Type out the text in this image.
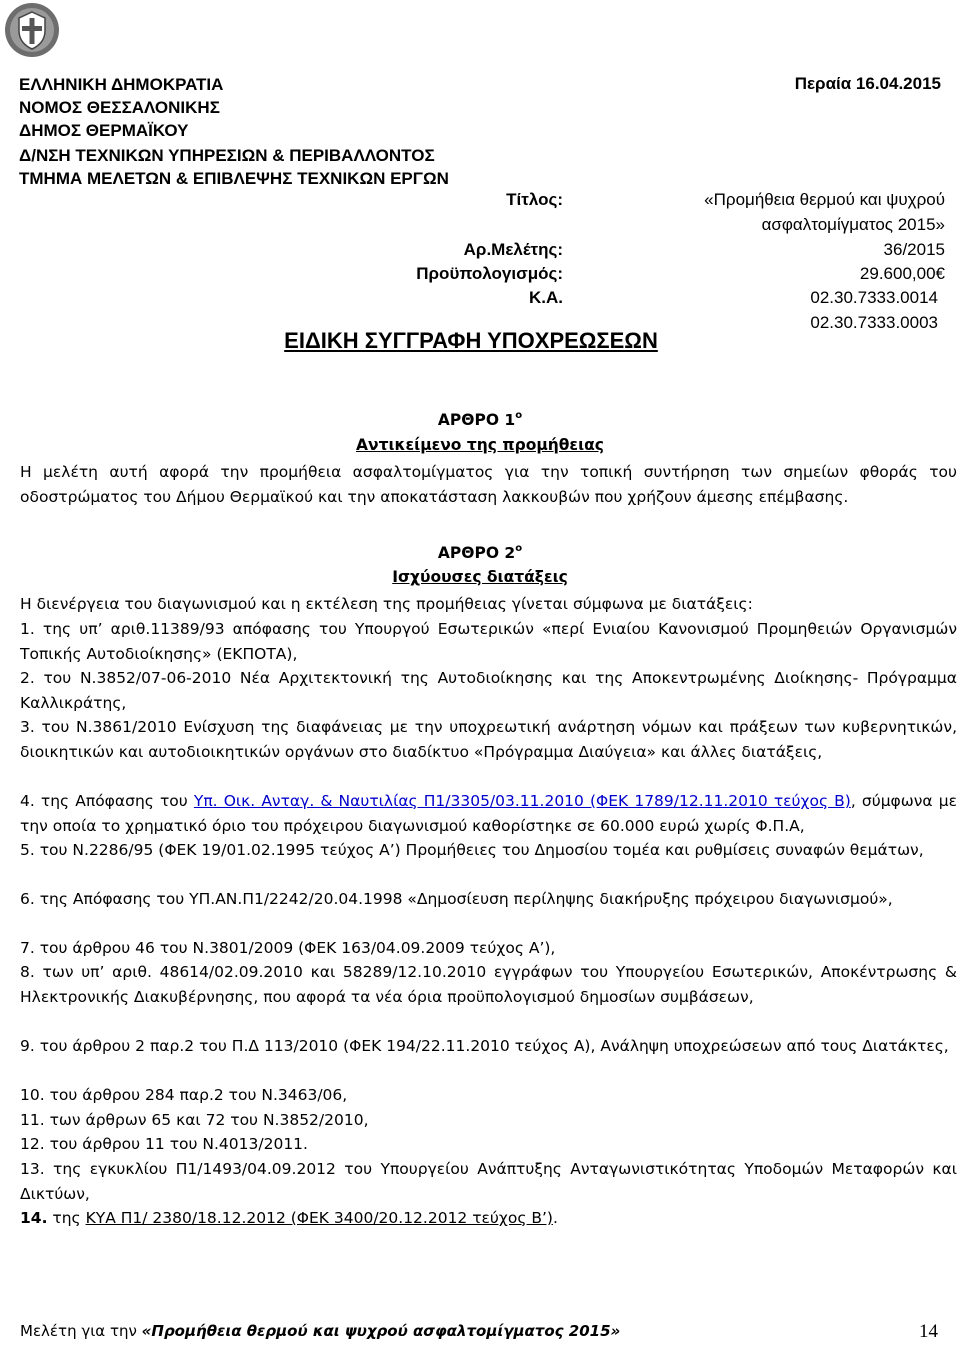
ΕΛΛΗΝΙΚΗ ΔΗΜΟΚΡΑΤΙΑ
ΝΟΜΟΣ ΘΕΣΣΑΛΟΝΙΚΗΣ
ΔΗΜΟΣ ΘΕΡΜΑΪΚΟΥ
Δ/ΝΣΗ ΤΕΧΝΙΚΩΝ ΥΠΗΡΕΣΙΩΝ & ΠΕΡΙΒΑΛΛΟΝΤΟΣ
ΤΜΗΜΑ ΜΕΛΕΤΩΝ & ΕΠΙΒΛΕΨΗΣ ΤΕΧΝΙΚΩΝ ΕΡΓΩΝ
Περαία 16.04.2015
Τίτλος:	«Προμήθεια θερμού και ψυχρού
ασφαλτομίγματος 2015»
Αρ.Μελέτης:	36/2015
Προϋπολογισμός:	29.600,00€
Κ.Α.	02.30.7333.0014
02.30.7333.0003
ΕΙΔΙΚΗ ΣΥΓΓΡΑΦΗ ΥΠΟΧΡΕΩΣΕΩΝ
ΑΡΘΡΟ $1^o$
Αντικείμενο της προμήθειας
Η μελέτη αυτή αφορά την προμήθεια ασφαλτομίγματος για την τοπική συντήρηση των σημείων φθοράς του οδοστρώματος του Δήμου Θερμαϊκού και την αποκατάσταση λακκουβών που χρήζουν άμεσης επέμβασης.
ΑΡΘΡΟ $2^o$
Ισχύουσες διατάξεις
Η διενέργεια του διαγωνισμού και η εκτέλεση της προμήθειας γίνεται σύμφωνα με διατάξεις:
1. της υπ’ αριθ.11389/93 απόφασης του Υπουργού Εσωτερικών «περί Ενιαίου Κανονισμού Προμηθειών Οργανισμών Τοπικής Αυτοδιοίκησης» (ΕΚΠΟΤΑ),
2. του Ν.3852/07-06-2010 Νέα Αρχιτεκτονική της Αυτοδιοίκησης και της Αποκεντρωμένης Διοίκησης- Πρόγραμμα Καλλικράτης,
3. του Ν.3861/2010 Ενίσχυση της διαφάνειας με την υποχρεωτική ανάρτηση νόμων και πράξεων των κυβερνητικών, διοικητικών και αυτοδιοικητικών οργάνων στο διαδίκτυο «Πρόγραμμα Διαύγεια» και άλλες διατάξεις,
4. της Απόφασης του Υπ. Οικ. Ανταγ. & Ναυτιλίας Π1/3305/03.11.2010 (ΦΕΚ 1789/12.11.2010 τεύχος Β), σύμφωνα με την οποία το χρηματικό όριο του πρόχειρου διαγωνισμού καθορίστηκε σε 60.000 ευρώ χωρίς Φ.Π.Α,
5. του Ν.2286/95 (ΦΕΚ 19/01.02.1995 τεύχος Α’) Προμήθειες του Δημοσίου τομέα και ρυθμίσεις συναφών θεμάτων,
6. της Απόφασης του ΥΠ.ΑΝ.Π1/2242/20.04.1998 «Δημοσίευση περίληψης διακήρυξης πρόχειρου διαγωνισμού»,
7. του άρθρου 46 του Ν.3801/2009 (ΦΕΚ 163/04.09.2009 τεύχος Α’),
8. των υπ’ αριθ. 48614/02.09.2010 και 58289/12.10.2010 εγγράφων του Υπουργείου Εσωτερικών, Αποκέντρωσης & Ηλεκτρονικής Διακυβέρνησης, που αφορά τα νέα όρια προϋπολογισμού δημοσίων συμβάσεων,
9. του άρθρου 2 παρ.2 του Π.Δ 113/2010 (ΦΕΚ 194/22.11.2010 τεύχος Α), Ανάληψη υποχρεώσεων από τους Διατάκτες,
10. του άρθρου 284 παρ.2 του Ν.3463/06,
11. των άρθρων 65 και 72 του Ν.3852/2010,
12. του άρθρου 11 του Ν.4013/2011.
13. της εγκυκλίου Π1/1493/04.09.2012 του Υπουργείου Ανάπτυξης Ανταγωνιστικότητας Υποδομών Μεταφορών και Δικτύων,
14. της ΚΥΑ Π1/ 2380/18.12.2012 (ΦΕΚ 3400/20.12.2012 τεύχος Β’).
Μελέτη για την «Προμήθεια θερμού και ψυχρού ασφαλτομίγματος 2015»	14
